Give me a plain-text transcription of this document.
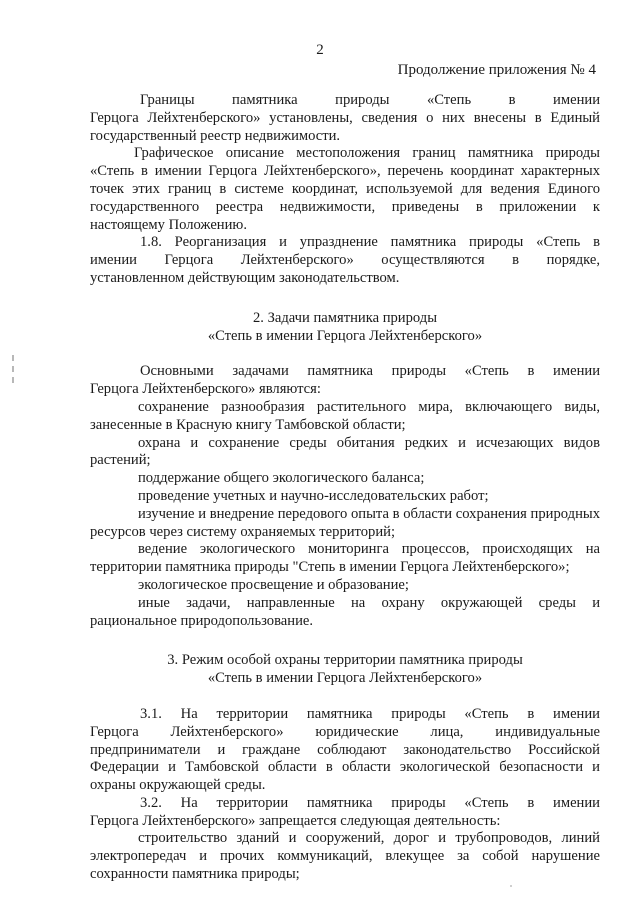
2
Продолжение приложения № 4

Границы памятника природы «Степь в имении

Герцога Лейхтенберского» установлены, сведения о них внесены в Единый государственный реестр недвижимости.

Графическое описание местоположения границ памятника природы

«Степь в имении Герцога Лейхтенберского», перечень координат характерных точек этих границ в системе координат, используемой для ведения Единого государственного реестра недвижимости, приведены в приложении к настоящему Положению.

1.8. Реорганизация и упразднение памятника природы «Степь в

имении Герцога Лейхтенберского» осуществляются в порядке,

установленном действующим законодательством.

2. Задачи памятника природы

«Степь в имении Герцога Лейхтенберского»

Основными задачами памятника природы «Степь в имении

Герцога Лейхтенберского» являются:

сохранение разнообразия растительного мира, включающего виды, занесенные в Красную книгу Тамбовской области;

охрана и сохранение среды обитания редких и исчезающих видов растений;

поддержание общего экологического баланса;

проведение учетных и научно-исследовательских работ;

изучение и внедрение передового опыта в области сохранения природных ресурсов через систему охраняемых территорий;

ведение экологического мониторинга процессов, происходящих на территории памятника природы "Степь в имении Герцога Лейхтенберского»;

экологическое просвещение и образование;

иные задачи, направленные на охрану окружающей среды и рациональное природопользование.

3. Режим особой охраны территории памятника природы

«Степь в имении Герцога Лейхтенберского»

3.1. На территории памятника природы «Степь в имении

Герцога Лейхтенберского» юридические лица, индивидуальные

предприниматели и граждане соблюдают законодательство Российской Федерации и Тамбовской области в области экологической безопасности и охраны окружающей среды.

3.2. На территории памятника природы «Степь в имении

Герцога Лейхтенберского» запрещается следующая деятельность:

строительство зданий и сооружений, дорог и трубопроводов, линий электропередач и прочих коммуникаций, влекущее за собой нарушение сохранности памятника природы;
